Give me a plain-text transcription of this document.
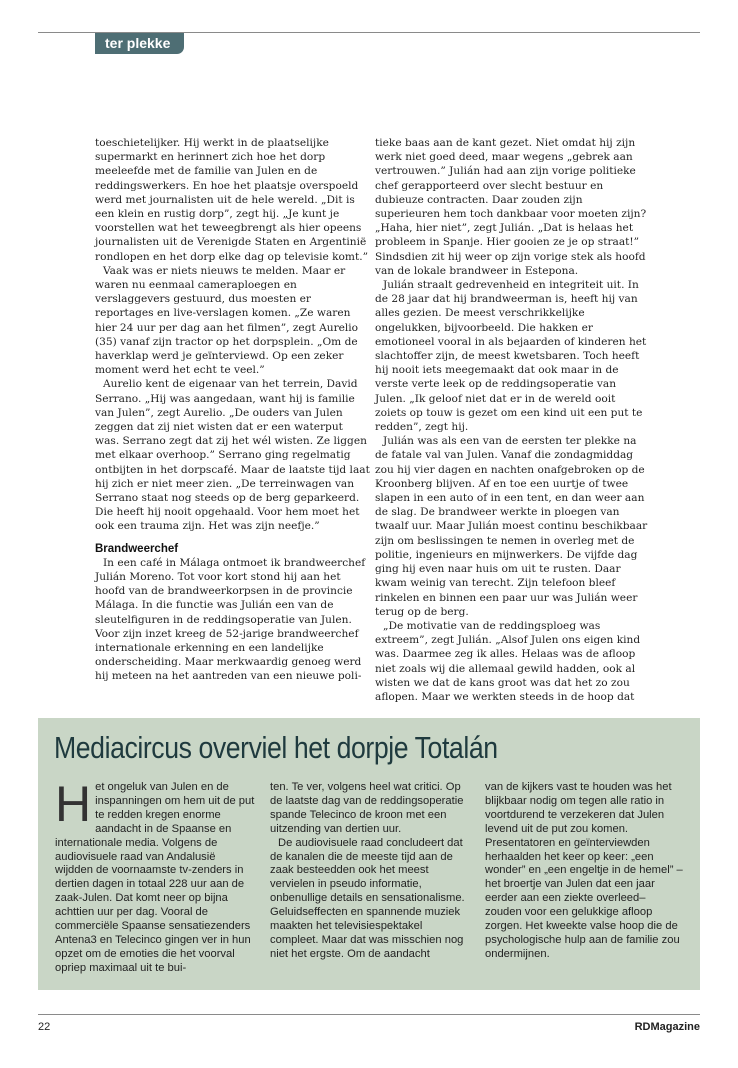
ter plekke

toeschietelijker. Hij werkt in de plaatselijke supermarkt en herinnert zich hoe het dorp meeleefde met de familie van Julen en de reddingswerkers. En hoe het plaatsje overspoeld werd met journalisten uit de hele wereld. „Dit is een klein en rustig dorp”, zegt hij. „Je kunt je voorstellen wat het teweegbrengt als hier opeens journalisten uit de Verenigde Staten en Argentinië rondlopen en het dorp elke dag op televisie komt.”

Vaak was er niets nieuws te melden. Maar er waren nu eenmaal cameraploegen en verslaggevers gestuurd, dus moesten er reportages en live-verslagen komen. „Ze waren hier 24 uur per dag aan het filmen”, zegt Aurelio (35) vanaf zijn tractor op het dorpsplein. „Om de haverklap werd je geïnterviewd. Op een zeker moment werd het echt te veel.”

Aurelio kent de eigenaar van het terrein, David Serrano. „Hij was aangedaan, want hij is familie van Julen”, zegt Aurelio. „De ouders van Julen zeggen dat zij niet wisten dat er een waterput was. Serrano zegt dat zij het wél wisten. Ze liggen met elkaar overhoop.” Serrano ging regelmatig ontbijten in het dorpscafé. Maar de laatste tijd laat hij zich er niet meer zien. „De terreinwagen van Serrano staat nog steeds op de berg geparkeerd. Die heeft hij nooit opgehaald. Voor hem moet het ook een trauma zijn. Het was zijn neefje.”

Brandweerchef

In een café in Málaga ontmoet ik brandweerchef Julián Moreno. Tot voor kort stond hij aan het hoofd van de brandweerkorpsen in de provincie Málaga. In die functie was Julián een van de sleutelfiguren in de reddingsoperatie van Julen. Voor zijn inzet kreeg de 52-jarige brandweerchef internationale erkenning en een landelijke onderscheiding. Maar merkwaardig genoeg werd hij meteen na het aantreden van een nieuwe poli-

tieke baas aan de kant gezet. Niet omdat hij zijn werk niet goed deed, maar wegens „gebrek aan vertrouwen.” Julián had aan zijn vorige politieke chef gerapporteerd over slecht bestuur en dubieuze contracten. Daar zouden zijn superieuren hem toch dankbaar voor moeten zijn? „Haha, hier niet”, zegt Julián. „Dat is helaas het probleem in Spanje. Hier gooien ze je op straat!” Sindsdien zit hij weer op zijn vorige stek als hoofd van de lokale brandweer in Estepona.

Julián straalt gedrevenheid en integriteit uit. In de 28 jaar dat hij brandweerman is, heeft hij van alles gezien. De meest verschrikkelijke ongelukken, bijvoorbeeld. Die hakken er emotioneel vooral in als bejaarden of kinderen het slachtoffer zijn, de meest kwetsbaren. Toch heeft hij nooit iets meegemaakt dat ook maar in de verste verte leek op de reddingsoperatie van Julen. „Ik geloof niet dat er in de wereld ooit zoiets op touw is gezet om een kind uit een put te redden”, zegt hij.

Julián was als een van de eersten ter plekke na de fatale val van Julen. Vanaf die zondagmiddag zou hij vier dagen en nachten onafgebroken op de Kroonberg blijven. Af en toe een uurtje of twee slapen in een auto of in een tent, en dan weer aan de slag. De brandweer werkte in ploegen van twaalf uur. Maar Julián moest continu beschikbaar zijn om beslissingen te nemen in overleg met de politie, ingenieurs en mijnwerkers. De vijfde dag ging hij even naar huis om uit te rusten. Daar kwam weinig van terecht. Zijn telefoon bleef rinkelen en binnen een paar uur was Julián weer terug op de berg.

„De motivatie van de reddingsploeg was extreem”, zegt Julián. „Alsof Julen ons eigen kind was. Daarmee zeg ik alles. Helaas was de afloop niet zoals wij die allemaal gewild hadden, ook al wisten we dat de kans groot was dat het zo zou aflopen. Maar we werkten steeds in de hoop dat

Mediacircus overviel het dorpje Totalán

Het ongeluk van Julen en de inspanningen om hem uit de put te redden kregen enorme aandacht in de Spaanse en internationale media. Volgens de audiovisuele raad van Andalusië wijdden de voornaamste tv-zenders in dertien dagen in totaal 228 uur aan de zaak-Julen. Dat komt neer op bijna achttien uur per dag. Vooral de commerciële Spaanse sensatiezenders Antena3 en Telecinco gingen ver in hun opzet om de emoties die het voorval opriep maximaal uit te bui-

ten. Te ver, volgens heel wat critici. Op de laatste dag van de reddingsoperatie spande Telecinco de kroon met een uitzending van dertien uur.

De audiovisuele raad concludeert dat de kanalen die de meeste tijd aan de zaak besteedden ook het meest vervielen in pseudo informatie, onbenullige details en sensationalisme. Geluidseffecten en spannende muziek maakten het televisiespektakel compleet. Maar dat was misschien nog niet het ergste. Om de aandacht

van de kijkers vast te houden was het blijkbaar nodig om tegen alle ratio in voortdurend te verzekeren dat Julen levend uit de put zou komen. Presentatoren en geïnterviewden herhaalden het keer op keer: „een wonder” en „een engeltje in de hemel” –het broertje van Julen dat een jaar eerder aan een ziekte overleed– zouden voor een gelukkige afloop zorgen. Het kweekte valse hoop die de psychologische hulp aan de familie zou ondermijnen.

22	RDMagazine
